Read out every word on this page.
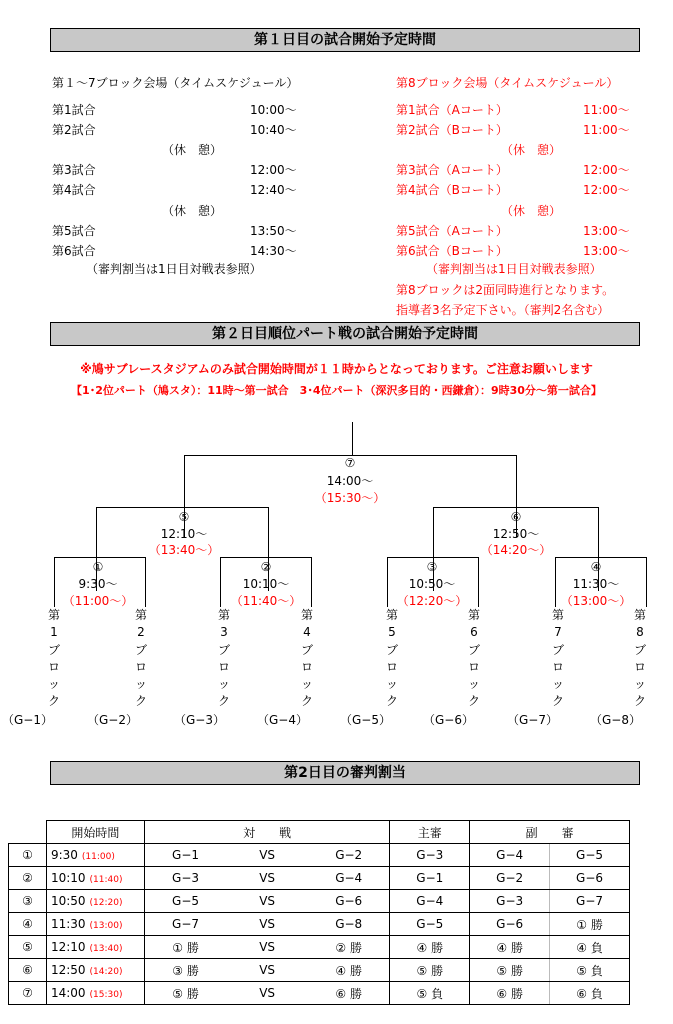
第１日目の試合開始予定時間
第１〜7ブロック会場（タイムスケジュール）
第1試合	10:00〜
第2試合	10:40〜
（休　憩）
第3試合	12:00〜
第4試合	12:40〜
（休　憩）
第5試合	13:50〜
第6試合	14:30〜
（審判割当は1日目対戦表参照）
第8ブロック会場（タイムスケジュール）
第1試合（Aコート）	11:00〜
第2試合（Bコート）	11:00〜
（休　憩）
第3試合（Aコート）	12:00〜
第4試合（Bコート）	12:00〜
（休　憩）
第5試合（Aコート）	13:00〜
第6試合（Bコート）	13:00〜
（審判割当は1日目対戦表参照）
第8ブロックは2面同時進行となります。
指導者3名予定下さい。（審判2名含む）
第２日目順位パート戦の試合開始予定時間
※鳩サブレースタジアムのみ試合開始時間が１１時からとなっております。ご注意お願いします
【1･2位パート（鳩スタ）：11時〜第一試合　3･4位パート（深沢多目的・西鎌倉）：9時30分〜第一試合】
⑦
14:00〜
（15:30〜）
⑤
12:10〜
（13:40〜）
⑥
12:50〜
（14:20〜）
①
9:30〜
（11:00〜）
②
10:10〜
（11:40〜）
③
10:50〜
（12:20〜）
④
11:30〜
（13:00〜）
第
1
ブ
ロ
ッ
ク
（G−1）
第
2
ブ
ロ
ッ
ク
（G−2）
第
3
ブ
ロ
ッ
ク
（G−3）
第
4
ブ
ロ
ッ
ク
（G−4）
第
5
ブ
ロ
ッ
ク
（G−5）
第
6
ブ
ロ
ッ
ク
（G−6）
第
7
ブ
ロ
ッ
ク
（G−7）
第
8
ブ
ロ
ッ
ク
（G−8）
第2日目の審判割当
	開始時間	対　　戦			主審	副　　審	
①	9:30 (11:00)	G−1	VS	G−2	G−3	G−4	G−5
②	10:10 (11:40)	G−3	VS	G−4	G−1	G−2	G−6
③	10:50 (12:20)	G−5	VS	G−6	G−4	G−3	G−7
④	11:30 (13:00)	G−7	VS	G−8	G−5	G−6	① 勝
⑤	12:10 (13:40)	① 勝	VS	② 勝	④ 勝	④ 勝	④ 負
⑥	12:50 (14:20)	③ 勝	VS	④ 勝	⑤ 勝	⑤ 勝	⑤ 負
⑦	14:00 (15:30)	⑤ 勝	VS	⑥ 勝	⑤ 負	⑥ 勝	⑥ 負
